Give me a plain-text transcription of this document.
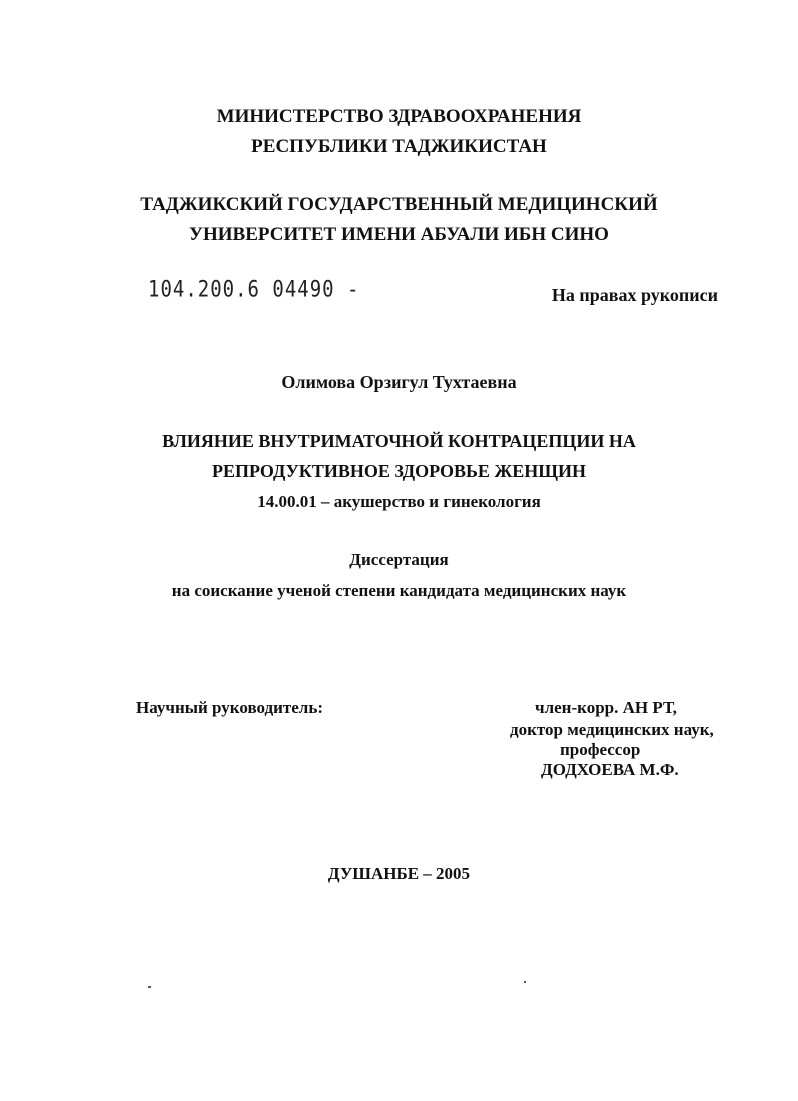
МИНИСТЕРСТВО ЗДРАВООХРАНЕНИЯ
РЕСПУБЛИКИ ТАДЖИКИСТАН
ТАДЖИКСКИЙ ГОСУДАРСТВЕННЫЙ МЕДИЦИНСКИЙ
УНИВЕРСИТЕТ ИМЕНИ АБУАЛИ ИБН СИНО
104.200.6 04490 -	На правах рукописи
Олимова Орзигул Тухтаевна
ВЛИЯНИЕ ВНУТРИМАТОЧНОЙ КОНТРАЦЕПЦИИ НА
РЕПРОДУКТИВНОЕ ЗДОРОВЬЕ ЖЕНЩИН
14.00.01 – акушерство и гинекология
Диссертация
на соискание ученой степени кандидата медицинских наук
Научный руководитель:	член-корр. АН РТ,
доктор медицинских наук,
профессор
ДОДХОЕВА М.Ф.
ДУШАНБЕ – 2005
